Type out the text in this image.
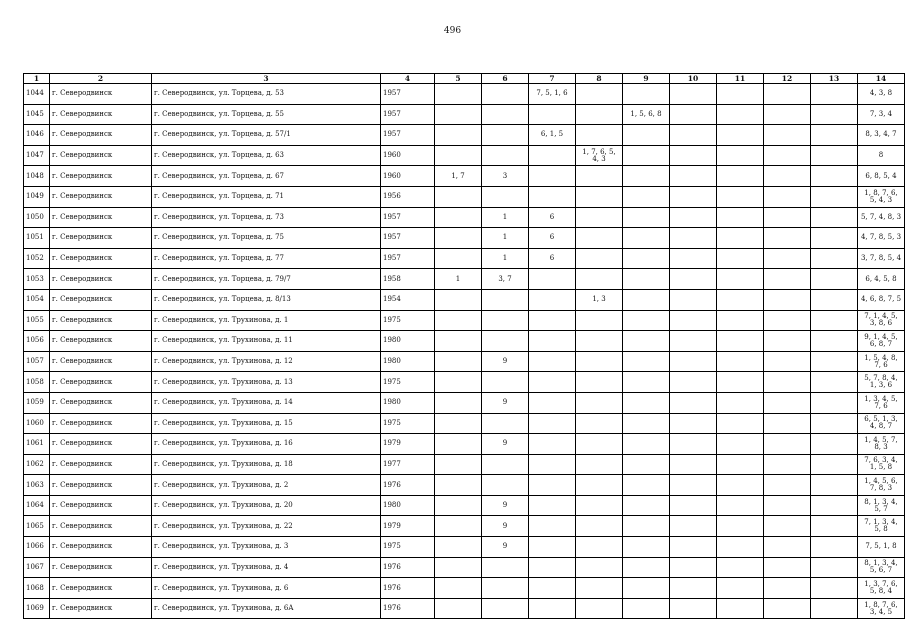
496
1	2	3	4	5	6	7	8	9	10	11	12	13	14
1044	г. Северодвинск	г. Северодвинск, ул. Торцева, д. 53	1957			7, 5, 1, 6							4, 3, 8
1045	г. Северодвинск	г. Северодвинск, ул. Торцева, д. 55	1957					1, 5, 6, 8					7, 3, 4
1046	г. Северодвинск	г. Северодвинск, ул. Торцева, д. 57/1	1957			6, 1, 5							8, 3, 4, 7
1047	г. Северодвинск	г. Северодвинск, ул. Торцева, д. 63	1960				1, 7, 6, 5, 4, 3						8
1048	г. Северодвинск	г. Северодвинск, ул. Торцева, д. 67	1960	1, 7	3								6, 8, 5, 4
1049	г. Северодвинск	г. Северодвинск, ул. Торцева, д. 71	1956										1, 8, 7, 6, 5, 4, 3
1050	г. Северодвинск	г. Северодвинск, ул. Торцева, д. 73	1957		1	6							5, 7, 4, 8, 3
1051	г. Северодвинск	г. Северодвинск, ул. Торцева, д. 75	1957		1	6							4, 7, 8, 5, 3
1052	г. Северодвинск	г. Северодвинск, ул. Торцева, д. 77	1957		1	6							3, 7, 8, 5, 4
1053	г. Северодвинск	г. Северодвинск, ул. Торцева, д. 79/7	1958	1	3, 7								6, 4, 5, 8
1054	г. Северодвинск	г. Северодвинск, ул. Торцева, д. 8/13	1954				1, 3						4, 6, 8, 7, 5
1055	г. Северодвинск	г. Северодвинск, ул. Трухинова, д. 1	1975										7, 1, 4, 5, 3, 8, 6
1056	г. Северодвинск	г. Северодвинск, ул. Трухинова, д. 11	1980										9, 1, 4, 5, 6, 8, 7
1057	г. Северодвинск	г. Северодвинск, ул. Трухинова, д. 12	1980		9								1, 5, 4, 8, 7, 6
1058	г. Северодвинск	г. Северодвинск, ул. Трухинова, д. 13	1975										5, 7, 8, 4, 1, 3, 6
1059	г. Северодвинск	г. Северодвинск, ул. Трухинова, д. 14	1980		9								1, 3, 4, 5, 7, 6
1060	г. Северодвинск	г. Северодвинск, ул. Трухинова, д. 15	1975										6, 5, 1, 3, 4, 8, 7
1061	г. Северодвинск	г. Северодвинск, ул. Трухинова, д. 16	1979		9								1, 4, 5, 7, 8, 3
1062	г. Северодвинск	г. Северодвинск, ул. Трухинова, д. 18	1977										7, 6, 3, 4, 1, 5, 8
1063	г. Северодвинск	г. Северодвинск, ул. Трухинова, д. 2	1976										1, 4, 5, 6, 7, 8, 3
1064	г. Северодвинск	г. Северодвинск, ул. Трухинова, д. 20	1980		9								8, 1, 3, 4, 5, 7
1065	г. Северодвинск	г. Северодвинск, ул. Трухинова, д. 22	1979		9								7, 1, 3, 4, 5, 8
1066	г. Северодвинск	г. Северодвинск, ул. Трухинова, д. 3	1975		9								7, 5, 1, 8
1067	г. Северодвинск	г. Северодвинск, ул. Трухинова, д. 4	1976										8, 1, 3, 4, 5, 6, 7
1068	г. Северодвинск	г. Северодвинск, ул. Трухинова, д. 6	1976										1, 3, 7, 6, 5, 8, 4
1069	г. Северодвинск	г. Северодвинск, ул. Трухинова, д. 6А	1976										1, 8, 7, 6, 3, 4, 5
